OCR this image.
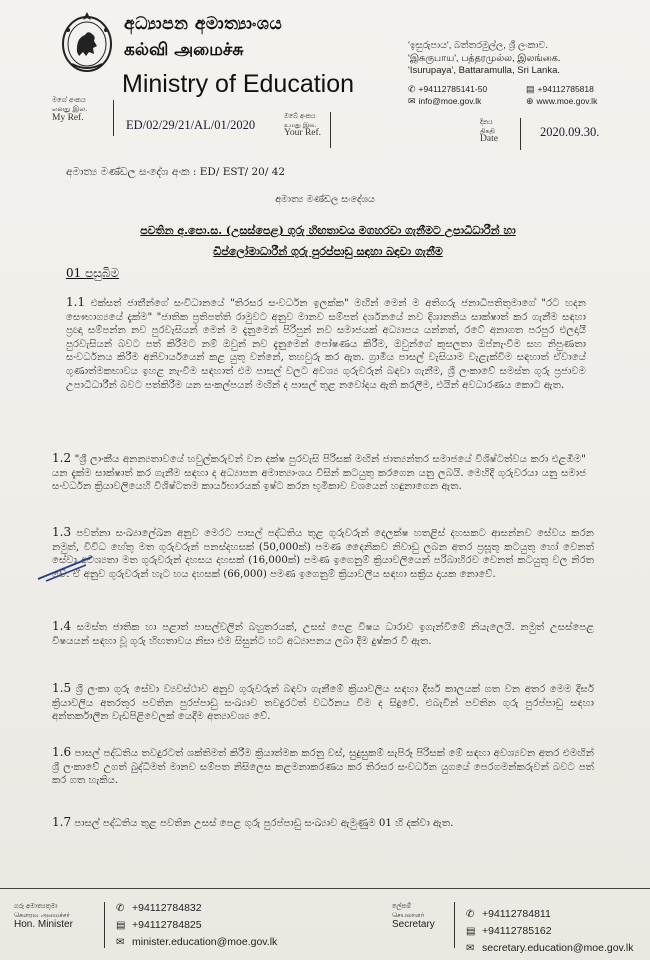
අධ්‍යාපන අමාත්‍යාංශය
கல்வி அமைச்சு
Ministry of Education
'ඉසුරුපාය', බත්තරමුල්ල, ශ්‍රී ලංකාව.
'இசுருபாய', பத்தரமுல்ல, இலங்கை.
'Isurupaya', Battaramulla, Sri Lanka.
✆ +94112785141-50	▤ +94112785818
✉ info@moe.gov.lk	⊕ www.moe.gov.lk
මගේ අංකය
எனது இல.
My Ref.	ED/02/29/21/AL/01/2020
ඔබේ අංකය
உமது இல.
Your Ref.
දිනය
திகதி
Date	2020.09.30.
අමාත්‍ය මණ්ඩල සංදේශ අංක : ED/ EST/ 20/ 42
අමාත්‍ය මණ්ඩල සංදේශය
පවතින අ.පො.ස. (උසස්පෙළ) ගුරු හිඟතාවය මගහරවා ගැනීමට උපාධිධාරීන් හා
ඩිප්ලෝමාධාරීන් ගුරු පුරප්පාඩු සඳහා බඳවා ගැනීම
01 පසුබිම
1.1 එක්සත් ජාතීන්ගේ සංවිධානයේ "තිරසර සංවර්ධන ඉලක්ක" මඟින් මෙන් ම අතිගරු ජනාධිපතිතුමාගේ "රට හදන සෞභාග්‍යයේ දැක්ම" "ජාතික ප්‍රතිපත්ති රාමුවට අනුව මානව සම්පත් දර්ශනයේ නව දිශානතිය සාක්ෂාත් කර ගැනීම සඳහා ප්‍රඥා සම්පන්න නව පුරවැසියන් මෙන් ම දැනුමෙන් පිරිපුන් නව සමාජයක් අධ්‍යාපය යන්නත්, රටේ අනාගත පරපුර එලදායී පුරවැසියන් බවට පත් කිරීමට නම් ඔවුන් නව දැනුමෙන් පෝෂණය කිරීම, ඔවුන්ගේ කුසලතා ඔප්නැංවීම සහ නිපුණතා සංවර්ධනය කිරීම අනිවාර්යයෙන් කළ යුතු වන්නේ, තහවුරු කර ඇත. ග්‍රාමීය පාසල් වැසියාම වැළැක්වීම සඳහාත් ඒවායේ ගුණාත්මකභාවය ඉහළ නැංවීම සඳහාත් එම පාසල් වලට අවශ්‍ය ගුරුවරුන් බඳවා ගැනීම, ශ්‍රී ලංකාවේ සමස්ත ගුරු ප්‍රජාවම උපාධිධාරීන් බවට පත්කිරීම යන සංකල්පයන් මඟින් ද පාසල් තුළ නවෝදය ඇති කරලීම, එයින් අවධාරණය කොට ඇත.
1.2 "ශ්‍රී ලාංකීය අනන්‍යතාවයේ හවුල්කරුවන් වන දක්ෂ පුරවැසි පිරිසක් මඟින් ජාත්‍යන්තර සමාජයේ විශිෂ්ටත්වය කරා එළඹීම" යන දැක්ම සාක්ෂාත් කර ගැනීම සඳහා ද අධ්‍යාපන අමාත්‍යාංශය විසින් කටයුතු කරගෙන යනු ලබයි. මෙහිදී ගුරුවරයා යනු සමාජ සංවර්ධන ක්‍රියාවලියෙහි විශිෂ්ටතම කාර්යභාරයක් ඉෂ්ට කරන භූමිකාව වශයෙන් හඳුනාගෙන ඇත.
1.3 පවත්නා සංඛ්‍යාලේඛන අනුව මෙරට පාසල් පද්ධතිය තුළ ගුරුවරුන් දෙලක්ෂ හතළිස් දහසකට ආසන්නව සේවය කරන නමුත්, විවිධ හේතු මත ගුරුවරුන් පනස්දහසක් (50,000ක්) පමණ දෛනිකව නිවාඩු ලබන අතර ප්‍රසූතූ කටයුතු හෝ වෙනත් සේවා අවශ්‍යතා මත ගුරුවරුන් දහසය දහසක් (16,000ක්) පමණ ඉගෙනුම් ක්‍රියාවලියෙන් පරිබාහිරව වෙනත් කටයුතු වල නිරත වේ. ඒ අනුව ගුරුවරුන් හැට හය දහසක් (66,000) පමණ ඉගෙනුම් ක්‍රියාවලිය සඳහා සක්‍රිය දායක නොවේ.
1.4 සමස්ත ජාතික හා පළාත් පාසල්වලින් බහුතරයක්, උසස් පෙළ විෂය ධාරාව ඉගැන්වීමේ නියැලෙයි. නමුත් උසස්පෙළ විෂයයන් සඳහා වූ ගුරු හිඟතාවය නිසා එම සිසුන්ට හට අධ්‍යාපනය ලබා දීම දුෂ්කර වී ඇත.
1.5 ශ්‍රී ලංකා ගුරු සේවා ව්‍යවස්ථාව අනුව ගුරුවරුන් බඳවා ගැනීමේ ක්‍රියාවලිය සඳහා දීර්ඝ කාලයක් ගත වන අතර මෙම දීර්ඝ ක්‍රියාවලිය අතරතුර පවතින පුරප්පාඩු සංඛ්‍යාව තවදුරටත් වර්ධනය වීම ද සිදුවේ. එබැවින් පවතින ගුරු පුරප්පාඩු සඳහා අන්තර්කාලීන වැඩපිළිවෙලක් යෙදීම අත්‍යාවශ්‍ය වේ.
1.6 පාසල් පද්ධතිය තවදුරටත් ශක්තිමත් කිරීම ක්‍රියාත්මක කරනු වස්, සුදුසුකම් සැපිරූ පිරිසක් මේ සඳහා අවශ්‍යවන අතර එමඟින් ශ්‍රී ලංකාවේ උගත් බුද්ධිමත් මානව සම්පත නිසිලෙස කළමනාකරණය කර තිරසර සංවර්ධන යුගයේ පෙරගමන්කරුවන් බවට පත් කර ගත හැකිය.
1.7 පාසල් පද්ධතිය තුළ පවතින උසස් පෙළ ගුරු පුරප්පාඩු සංඛ්‍යාව ඇමුණුම 01 හි දක්වා ඇත.
ගරු අමාත්‍යතුමා
கௌரவ அமைச்சர்
Hon. Minister
✆ +94112784832
▤ +94112784825
✉ minister.education@moe.gov.lk
ලේකම්
செயலாளர்
Secretary
✆ +94112784811
▤ +94112785162
✉ secretary.education@moe.gov.lk
